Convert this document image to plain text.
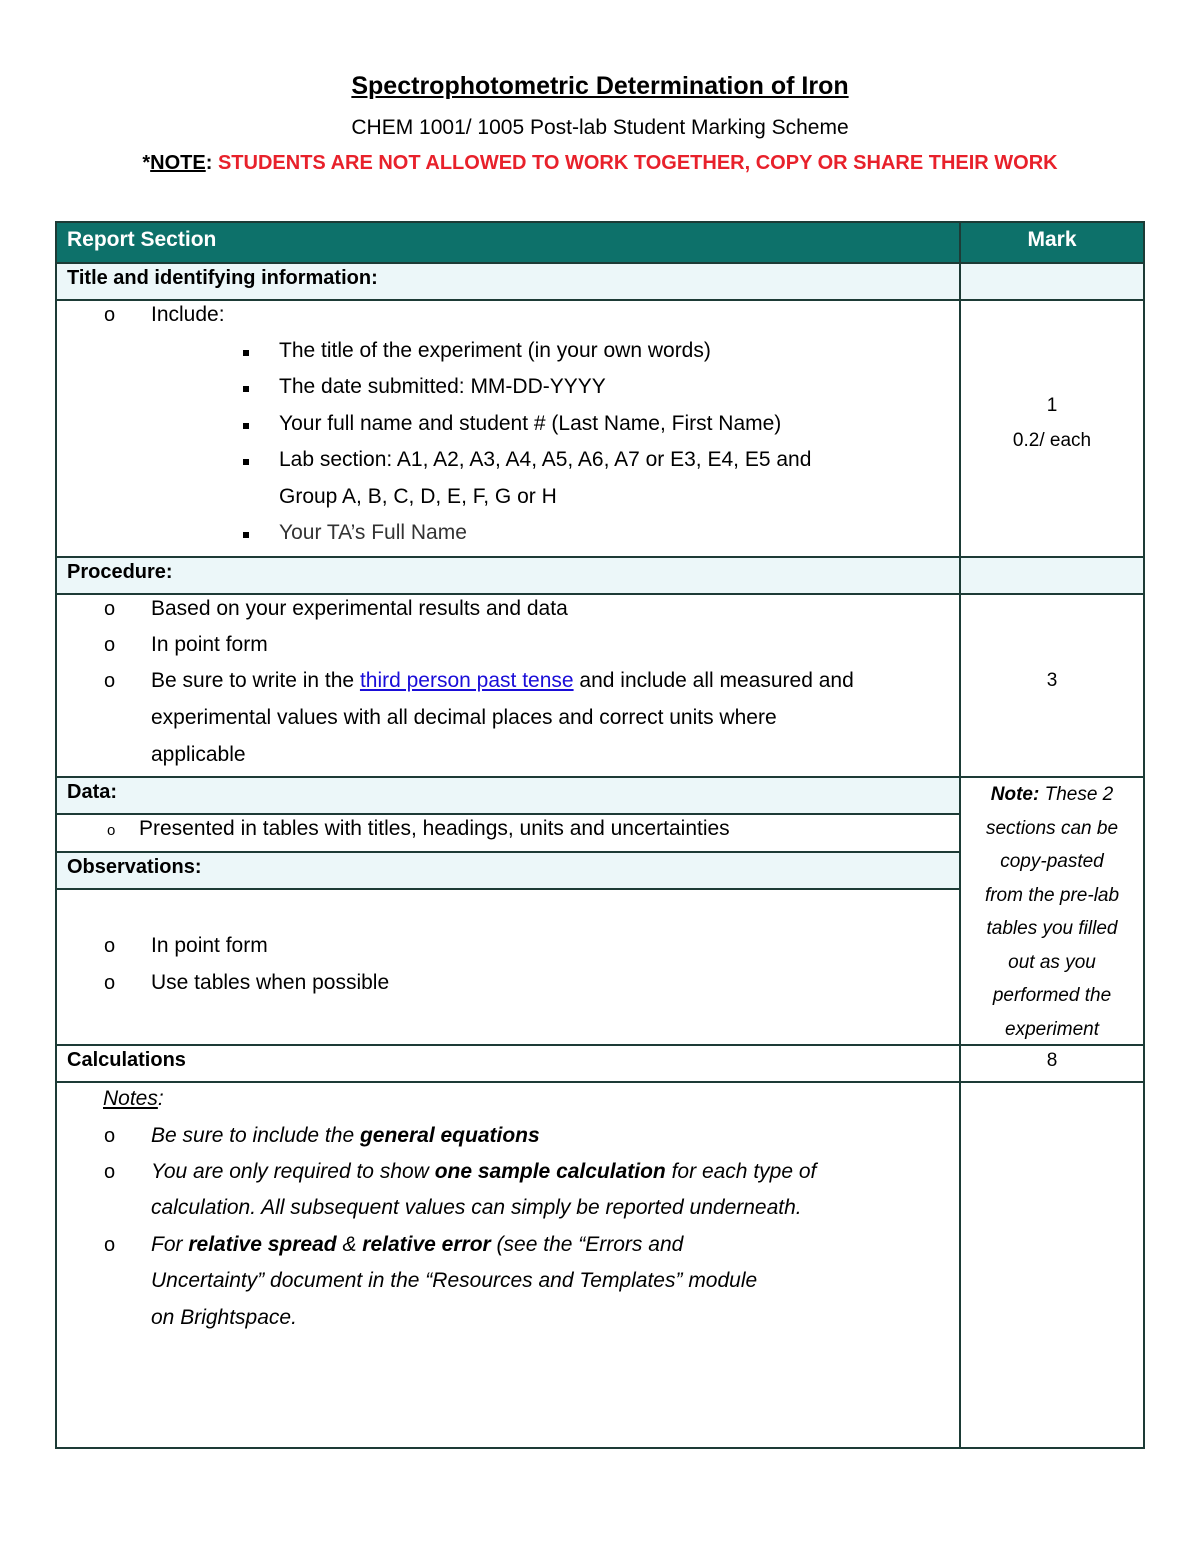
Spectrophotometric Determination of Iron
CHEM 1001/ 1005 Post-lab Student Marking Scheme
*NOTE: STUDENTS ARE NOT ALLOWED TO WORK TOGETHER, COPY OR SHARE THEIR WORK
Report Section	Mark
Title and identifying information:
o Include:
The title of the experiment (in your own words)
The date submitted: MM-DD-YYYY
Your full name and student # (Last Name, First Name)
Lab section: A1, A2, A3, A4, A5, A6, A7 or E3, E4, E5 and
Group A, B, C, D, E, F, G or H
Your TA’s Full Name
1
0.2/ each
Procedure:
o Based on your experimental results and data
o In point form
o Be sure to write in the third person past tense and include all measured and
experimental values with all decimal places and correct units where
applicable
3
Data:
o Presented in tables with titles, headings, units and uncertainties
Observations:
o In point form
o Use tables when possible
Note: These 2
sections can be
copy-pasted
from the pre-lab
tables you filled
out as you
performed the
experiment
Calculations	8
Notes:
o Be sure to include the general equations
o You are only required to show one sample calculation for each type of
calculation. All subsequent values can simply be reported underneath.
o For relative spread & relative error (see the “Errors and
Uncertainty” document in the “Resources and Templates” module
on Brightspace.
